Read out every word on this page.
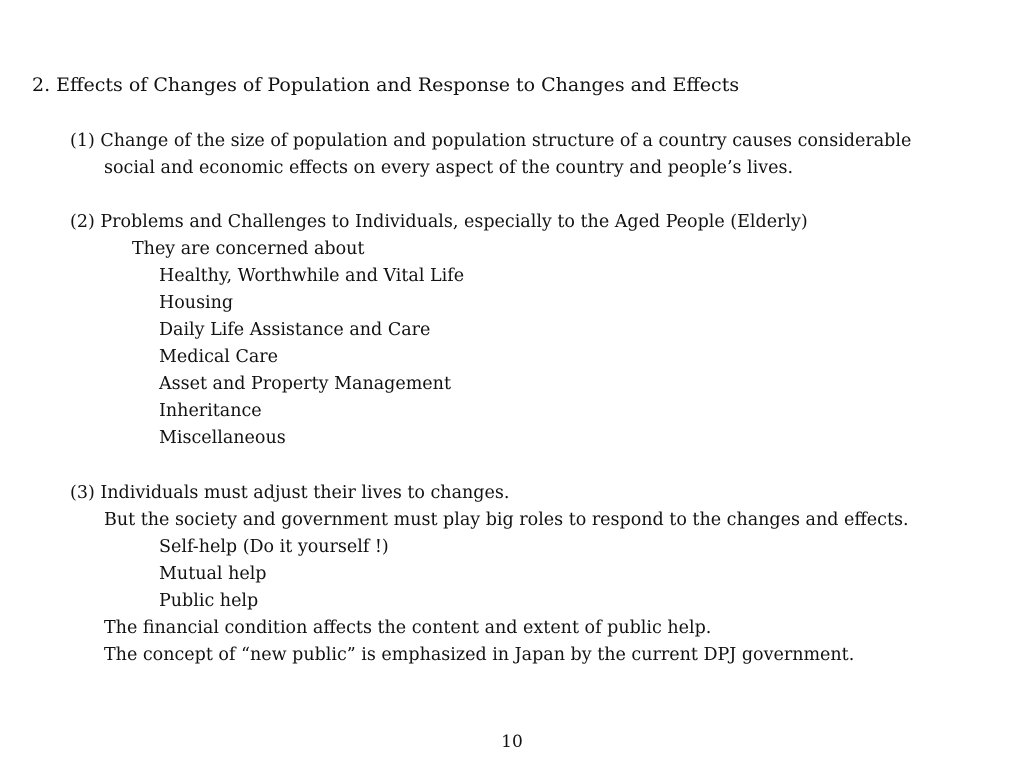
2. Effects of Changes of Population and Response to Changes and Effects
(1) Change of the size of population and population structure of a country causes considerable
social and economic effects on every aspect of the country and people’s lives.
(2) Problems and Challenges to Individuals, especially to the Aged People (Elderly)
They are concerned about
Healthy, Worthwhile and Vital Life
Housing
Daily Life Assistance and Care
Medical Care
Asset and Property Management
Inheritance
Miscellaneous
(3) Individuals must adjust their lives to changes.
But the society and government must play big roles to respond to the changes and effects.
Self-help (Do it yourself !)
Mutual help
Public help
The financial condition affects the content and extent of public help.
The concept of “new public” is emphasized in Japan by the current DPJ government.
10
